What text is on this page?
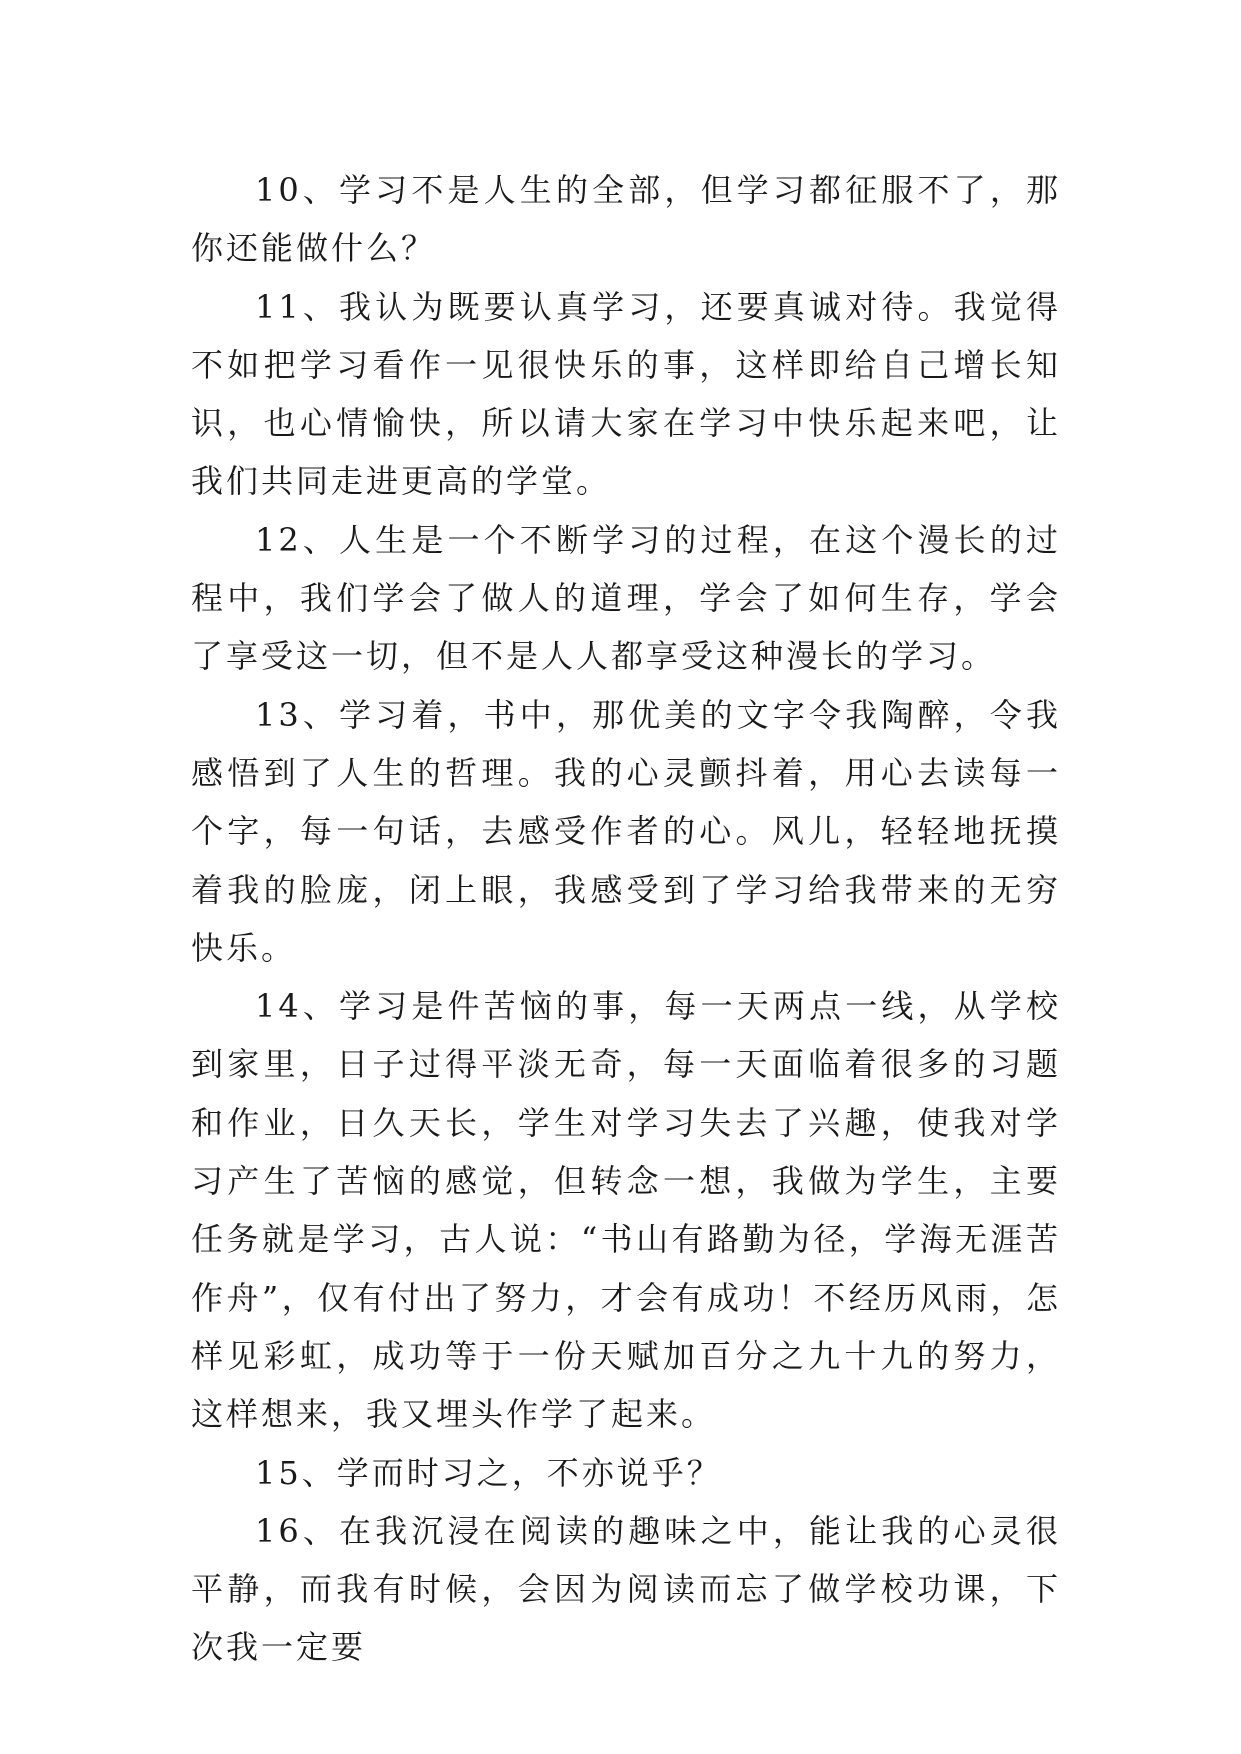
10、学习不是人生的全部，但学习都征服不了，那你还能做什么？

11、我认为既要认真学习，还要真诚对待。我觉得不如把学习看作一见很快乐的事，这样即给自己增长知识，也心情愉快，所以请大家在学习中快乐起来吧，让我们共同走进更高的学堂。

12、人生是一个不断学习的过程，在这个漫长的过程中，我们学会了做人的道理，学会了如何生存，学会了享受这一切，但不是人人都享受这种漫长的学习。

13、学习着，书中，那优美的文字令我陶醉，令我感悟到了人生的哲理。我的心灵颤抖着，用心去读每一个字，每一句话，去感受作者的心。风儿，轻轻地抚摸着我的脸庞，闭上眼，我感受到了学习给我带来的无穷快乐。

14、学习是件苦恼的事，每一天两点一线，从学校到家里，日子过得平淡无奇，每一天面临着很多的习题和作业，日久天长，学生对学习失去了兴趣，使我对学习产生了苦恼的感觉，但转念一想，我做为学生，主要任务就是学习，古人说：“书山有路勤为径，学海无涯苦作舟”，仅有付出了努力，才会有成功！不经历风雨，怎样见彩虹，成功等于一份天赋加百分之九十九的努力，这样想来，我又埋头作学了起来。

15、学而时习之，不亦说乎？

16、在我沉浸在阅读的趣味之中，能让我的心灵很平静，而我有时候，会因为阅读而忘了做学校功课，下次我一定要
